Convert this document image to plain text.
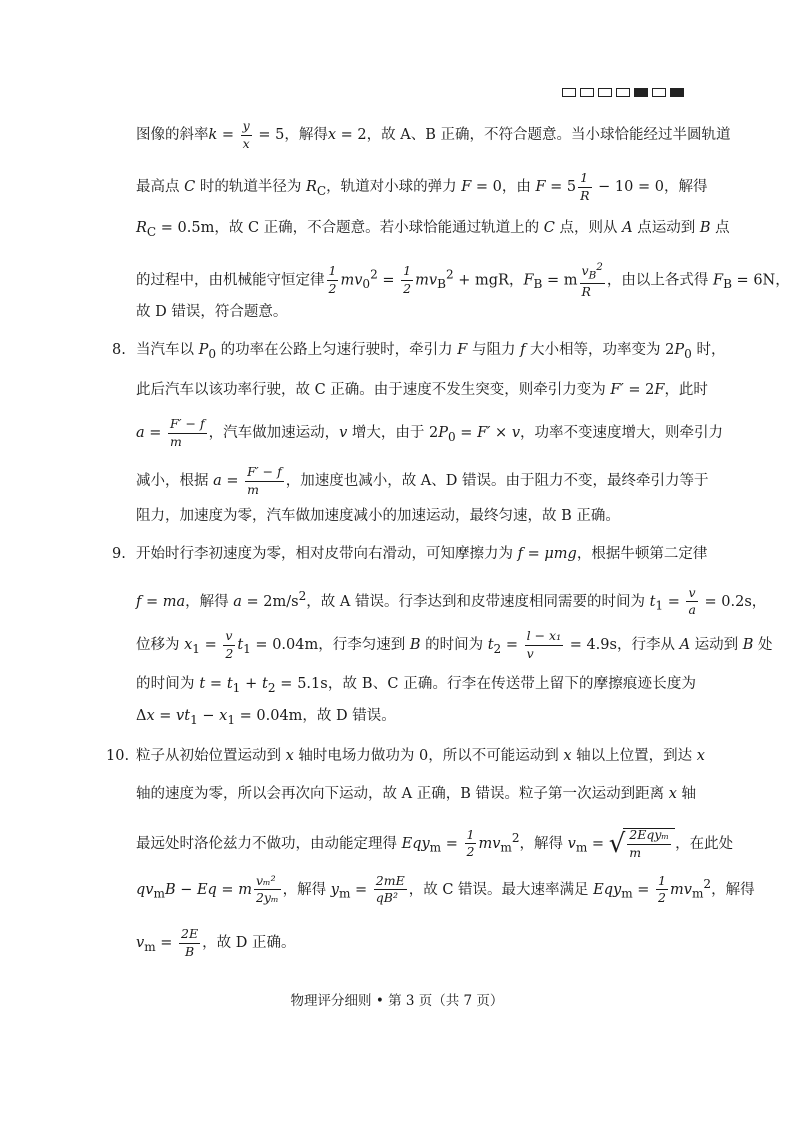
图像的斜率$k = \frac{y}{x} = 5$，解得x = 2，故 A、B 正确，不符合题意。当小球恰能经过半圆轨道
最高点 C 时的轨道半径为 $R_C$，轨道对小球的弹力 F = 0，由 $F = 5 \frac{1}{R} - 10 = 0$，解得
$R_C = 0.5m$，故 C 正确，不合题意。若小球恰能通过轨道上的 C 点，则从 A 点运动到 B 点
的过程中，由机械能守恒定律 $\frac{1}{2} mv_0^2 = \frac{1}{2} mv_B^2$ + mgR，$F_B = m \frac{v_B^2}{R}$ ，由以上各式得 $F_B = 6N$，
故 D 错误，符合题意。
8. 当汽车以 $P_0$ 的功率在公路上匀速行驶时，牵引力 F 与阻力 f 大小相等，功率变为 $2P_0$ 时，
此后汽车以该功率行驶，故 C 正确。由于速度不发生突变，则牵引力变为 F′ = 2F，此时
$a = \frac{F' - f}{m}$ ，汽车做加速运动，v 增大，由于 $2P_0 = F' \times v$，功率不变速度增大，则牵引力
减小，根据 $a = \frac{F' - f}{m}$ ，加速度也减小，故 A、D 错误。由于阻力不变，最终牵引力等于
阻力，加速度为零，汽车做加速度减小的加速运动，最终匀速，故 B 正确。
9. 开始时行李初速度为零，相对皮带向右滑动，可知摩擦力为 f = μmg，根据牛顿第二定律
f = ma，解得 $a = 2m/s^2$，故 A 错误。行李达到和皮带速度相同需要的时间为 $t_1 = \frac{v}{a} = 0.2s$，
位移为 $x_1 = \frac{v}{2} t_1 = 0.04m$，行李匀速到 B 的时间为 $t_2 = \frac{\text{l − x₁}}{v} = 4.9s$，行李从 A 运动到 B 处
的时间为 $t = t_1 + t_2 = 5.1s$，故 B、C 正确。行李在传送带上留下的摩擦痕迹长度为
$\Delta x = vt_1 - x_1 = 0.04m$，故 D 错误。
10. 粒子从初始位置运动到 x 轴时电场力做功为 0，所以不可能运动到 x 轴以上位置，到达 x
轴的速度为零，所以会再次向下运动，故 A 正确，B 错误。粒子第一次运动到距离 x 轴
最远处时洛伦兹力不做功，由动能定理得 $Eqy_m = \frac{1}{2} mv_m^2$，解得 $v_m$ = √ $\frac{\text{2Eqyₘ}}{m}$ ，在此处
$qv_mB - Eq = m \frac{\text{vₘ²}}{\text{2yₘ}}$ ，解得 $y_m = \frac{2mE}{\text{qB²}}$ ，故 C 错误。最大速率满足 $Eqy_m = \frac{1}{2} mv_m^2$，解得
$v_m = \frac{2E}{B}$ ，故 D 正确。
物理评分细则 • 第 3 页（共 7 页）
